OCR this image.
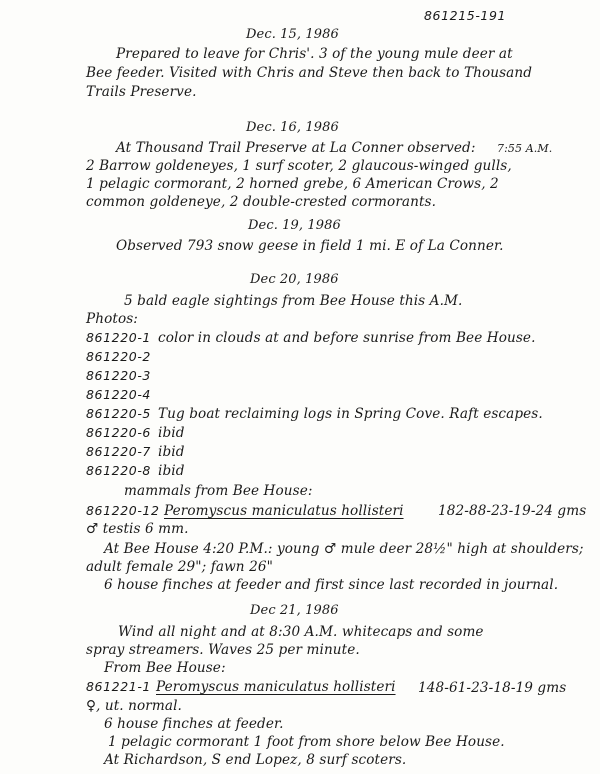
861215-191
Dec. 15, 1986
Prepared to leave for Chris'. 3 of the young mule deer at
Bee feeder. Visited with Chris and Steve then back to Thousand
Trails Preserve.
Dec. 16, 1986
At Thousand Trail Preserve at La Conner observed: 7:55 A.M.
2 Barrow goldeneyes, 1 surf scoter, 2 glaucous-winged gulls,
1 pelagic cormorant, 2 horned grebe, 6 American Crows, 2
common goldeneye, 2 double-crested cormorants.
Dec. 19, 1986
Observed 793 snow geese in field 1 mi. E of La Conner.
Dec 20, 1986
5 bald eagle sightings from Bee House this A.M.
Photos:
861220-1 color in clouds at and before sunrise from Bee House.
861220-2
861220-3
861220-4
861220-5 Tug boat reclaiming logs in Spring Cove. Raft escapes.
861220-6 ibid
861220-7 ibid
861220-8 ibid
mammals from Bee House:
861220-12 Peromyscus maniculatus hollisteri	182-88-23-19-24 gms
♂ testis 6 mm.
At Bee House 4:20 P.M.: young ♂ mule deer 28½" high at shoulders;
adult female 29"; fawn 26"
6 house finches at feeder and first since last recorded in journal.
Dec 21, 1986
Wind all night and at 8:30 A.M. whitecaps and some
spray streamers. Waves 25 per minute.
From Bee House:
861221-1 Peromyscus maniculatus hollisteri 148-61-23-18-19 gms
♀, ut. normal.
6 house finches at feeder.
1 pelagic cormorant 1 foot from shore below Bee House.
At Richardson, S end Lopez, 8 surf scoters.
